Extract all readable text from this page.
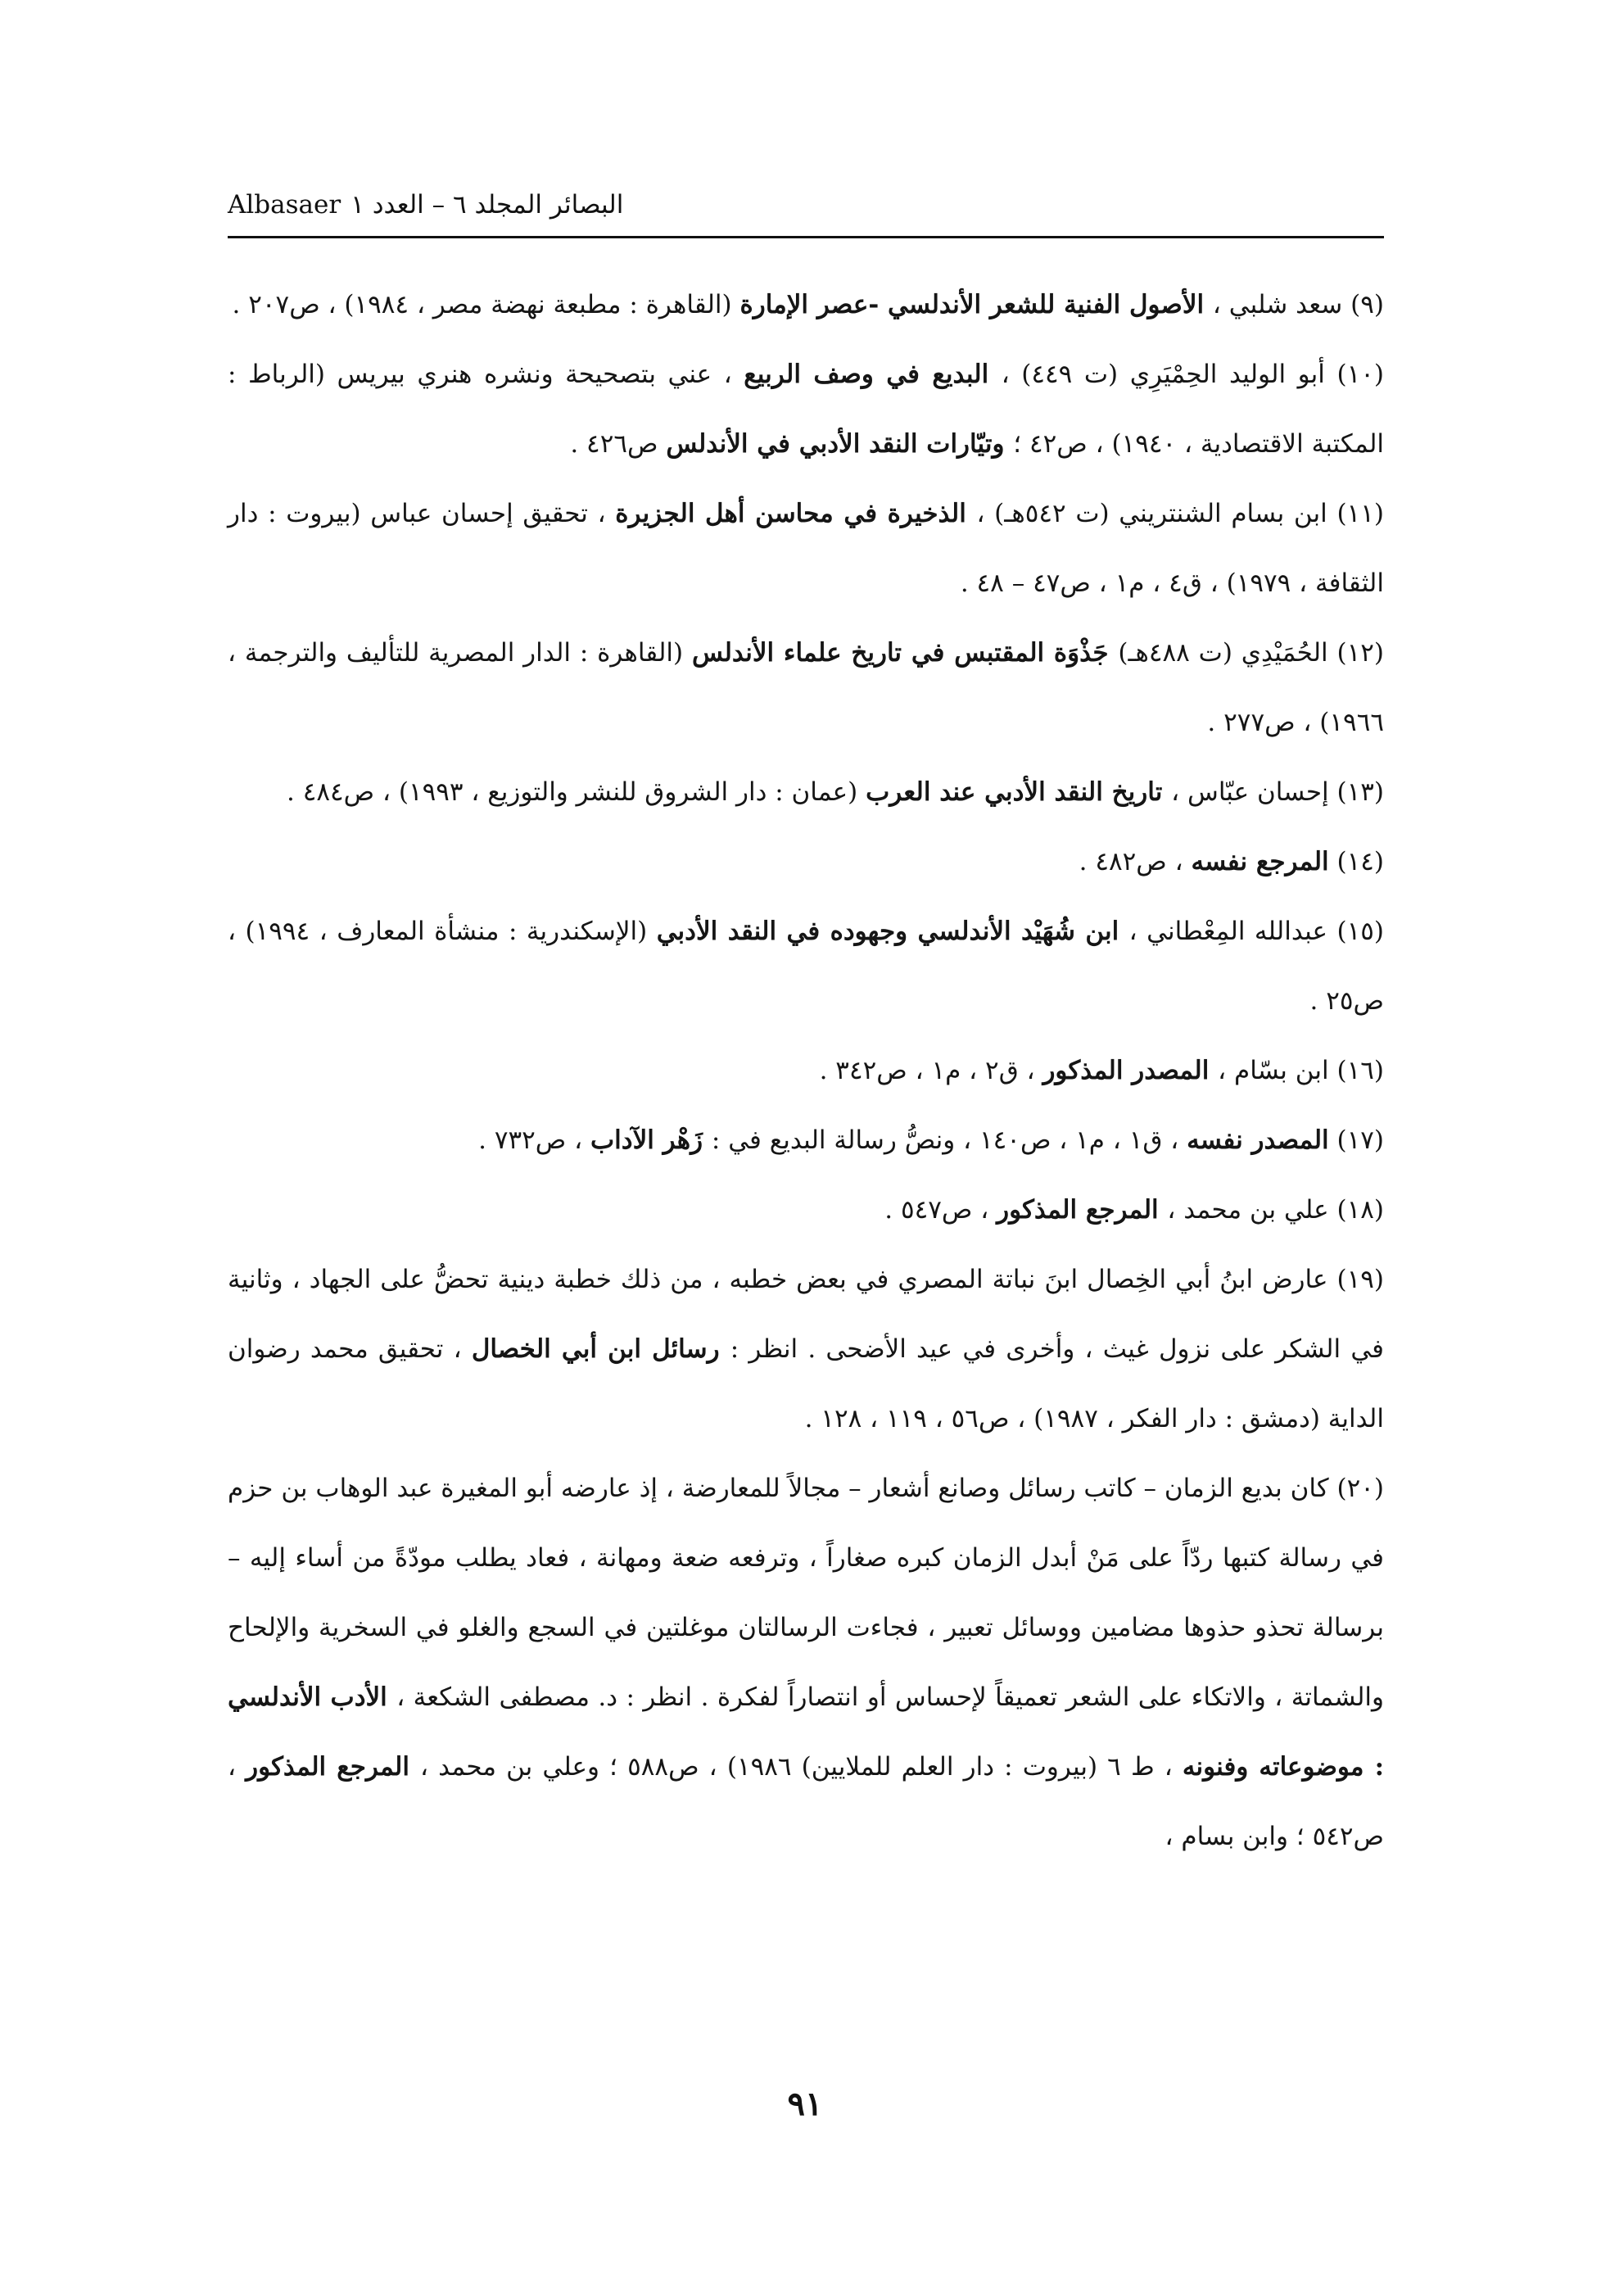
Albasaer البصائر المجلد ٦ – العدد ١

(٩) سعد شلبي ، الأصول الفنية للشعر الأندلسي -عصر الإمارة (القاهرة : مطبعة نهضة مصر ، ١٩٨٤) ، ص٢٠٧ .

(١٠) أبو الوليد الحِمْيَرِي (ت ٤٤٩) ، البديع في وصف الربيع ، عني بتصحيحة ونشره هنري بيريس (الرباط : المكتبة الاقتصادية ، ١٩٤٠) ، ص٤٢ ؛ وتيّارات النقد الأدبي في الأندلس ص٤٢٦ .

(١١) ابن بسام الشنتريني (ت ٥٤٢هـ) ، الذخيرة في محاسن أهل الجزيرة ، تحقيق إحسان عباس (بيروت : دار الثقافة ، ١٩٧٩) ، ق٤ ، م١ ، ص٤٧ – ٤٨ .

(١٢) الحُمَيْدِي (ت ٤٨٨هـ) جَذْوَة المقتبس في تاريخ علماء الأندلس (القاهرة : الدار المصرية للتأليف والترجمة ، ١٩٦٦) ، ص٢٧٧ .

(١٣) إحسان عبّاس ، تاريخ النقد الأدبي عند العرب (عمان : دار الشروق للنشر والتوزيع ، ١٩٩٣) ، ص٤٨٤ .

(١٤) المرجع نفسه ، ص٤٨٢ .

(١٥) عبدالله المِعْطاني ، ابن شُهَيْد الأندلسي وجهوده في النقد الأدبي (الإسكندرية : منشأة المعارف ، ١٩٩٤) ، ص٢٥ .

(١٦) ابن بسّام ، المصدر المذكور ، ق٢ ، م١ ، ص٣٤٢ .

(١٧) المصدر نفسه ، ق١ ، م١ ، ص١٤٠ ، ونصُّ رسالة البديع في : زَهْر الآداب ، ص٧٣٢ .

(١٨) علي بن محمد ، المرجع المذكور ، ص٥٤٧ .

(١٩) عارض ابنُ أبي الخِصال ابنَ نباتة المصري في بعض خطبه ، من ذلك خطبة دينية تحضُّ على الجهاد ، وثانية في الشكر على نزول غيث ، وأخرى في عيد الأضحى . انظر : رسائل ابن أبي الخصال ، تحقيق محمد رضوان الداية (دمشق : دار الفكر ، ١٩٨٧) ، ص٥٦ ، ١١٩ ، ١٢٨ .

(٢٠) كان بديع الزمان – كاتب رسائل وصانع أشعار – مجالاً للمعارضة ، إذ عارضه أبو المغيرة عبد الوهاب بن حزم في رسالة كتبها ردّاً على مَنْ أبدل الزمان كبره صغاراً ، وترفعه ضعة ومهانة ، فعاد يطلب مودّةً من أساء إليه – برسالة تحذو حذوها مضامين ووسائل تعبير ، فجاءت الرسالتان موغلتين في السجع والغلو في السخرية والإلحاح والشماتة ، والاتكاء على الشعر تعميقاً لإحساس أو انتصاراً لفكرة . انظر : د. مصطفى الشكعة ، الأدب الأندلسي : موضوعاته وفنونه ، ط ٦ (بيروت : دار العلم للملايين) ١٩٨٦) ، ص٥٨٨ ؛ وعلي بن محمد ، المرجع المذكور ، ص٥٤٢ ؛ وابن بسام ،

٩١
